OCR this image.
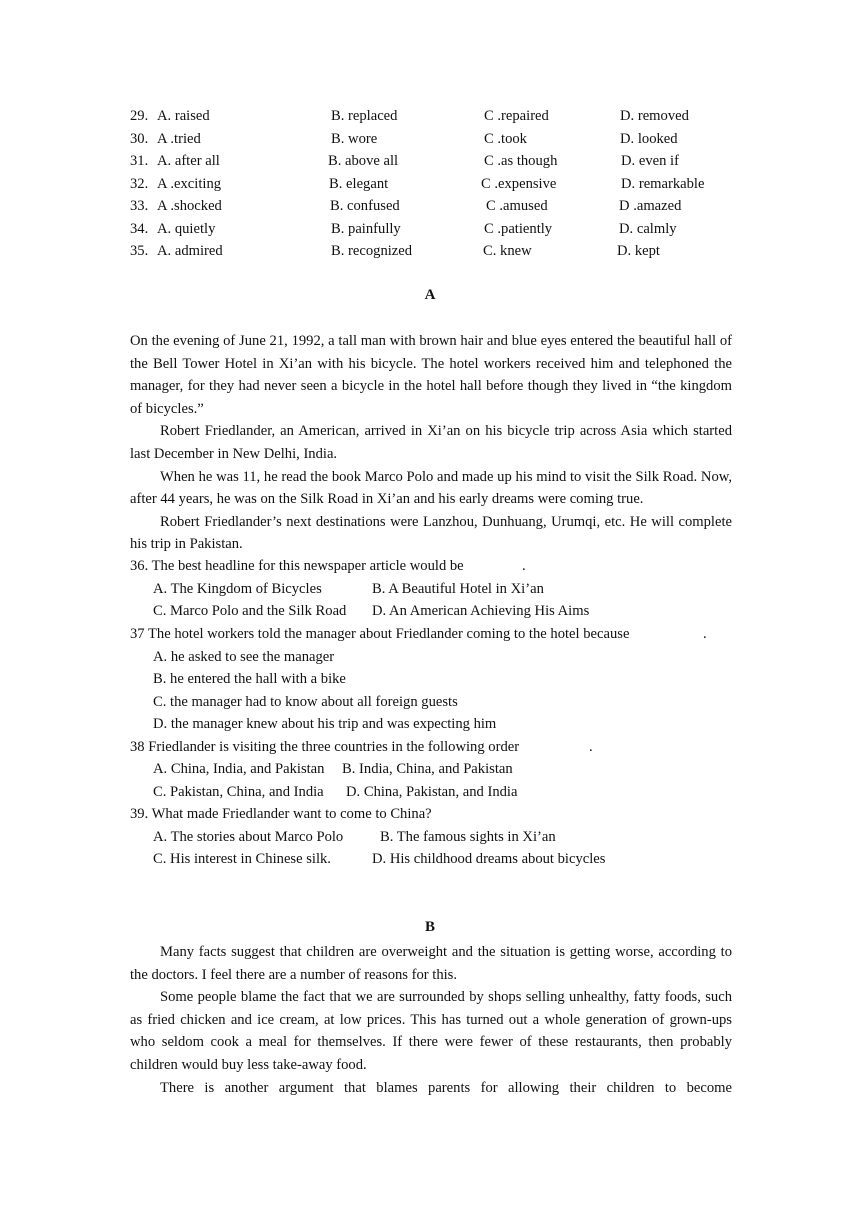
29. A. raised	B. replaced	C .repaired	D. removed
30. A .tried	B. wore	C .took	D. looked
31. A. after all	B. above all	C .as though	D. even if
32. A .exciting	B. elegant	C .expensive	D. remarkable
33. A .shocked	B. confused	C .amused	D .amazed
34. A. quietly	B. painfully	C .patiently	D. calmly
35. A. admired	B. recognized	C. knew	D. kept
A

On the evening of June 21, 1992, a tall man with brown hair and blue eyes entered the beautiful hall of the Bell Tower Hotel in Xi’an with his bicycle. The hotel workers received him and telephoned the manager, for they had never seen a bicycle in the hotel hall before though they lived in “the kingdom of bicycles.”

Robert Friedlander, an American, arrived in Xi’an on his bicycle trip across Asia which started last December in New Delhi, India.

When he was 11, he read the book Marco Polo and made up his mind to visit the Silk Road. Now, after 44 years, he was on the Silk Road in Xi’an and his early dreams were coming true.

Robert Friedlander’s next destinations were Lanzhou, Dunhuang, Urumqi, etc. He will complete his trip in Pakistan.

36. The best headline for this newspaper article would be	.
A. The Kingdom of Bicycles	B. A Beautiful Hotel in Xi’an
C. Marco Polo and the Silk Road D. An American Achieving His Aims
37 The hotel workers told the manager about Friedlander coming to the hotel because	.
A. he asked to see the manager
B. he entered the hall with a bike
C. the manager had to know about all foreign guests
D. the manager knew about his trip and was expecting him
38 Friedlander is visiting the three countries in the following order	.
A. China, India, and Pakistan B. India, China, and Pakistan
C. Pakistan, China, and India D. China, Pakistan, and India
39. What made Friedlander want to come to China?
A. The stories about Marco Polo	B. The famous sights in Xi’an
C. His interest in Chinese silk.	D. His childhood dreams about bicycles
B

Many facts suggest that children are overweight and the situation is getting worse, according to the doctors. I feel there are a number of reasons for this.

Some people blame the fact that we are surrounded by shops selling unhealthy, fatty foods, such as fried chicken and ice cream, at low prices. This has turned out a whole generation of grown-ups who seldom cook a meal for themselves. If there were fewer of these restaurants, then probably children would buy less take-away food.

There is another argument that blames parents for allowing their children to become
